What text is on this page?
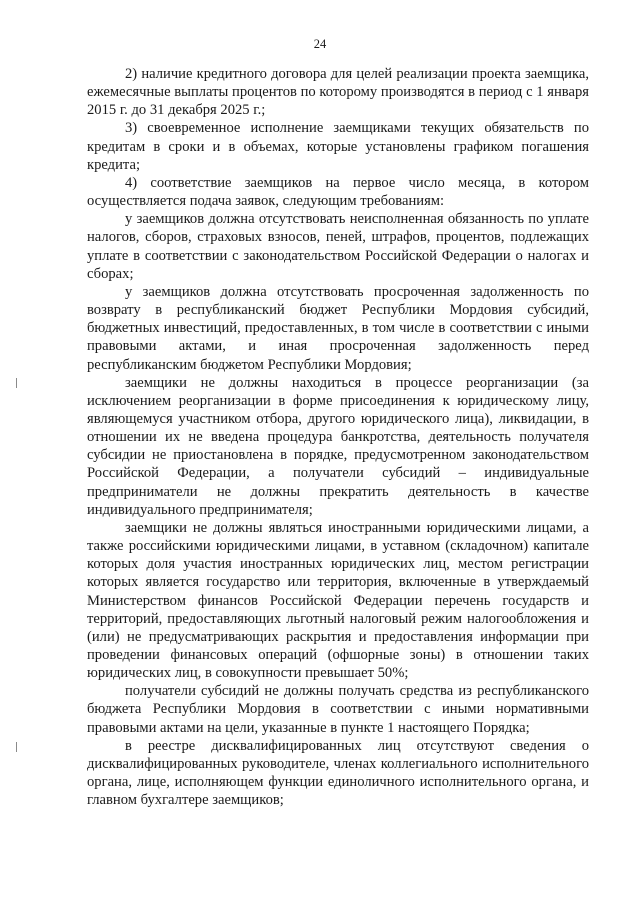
24

2) наличие кредитного договора для целей реализации проекта заемщика, ежемесячные выплаты процентов по которому производятся в период с 1 января 2015 г. до 31 декабря 2025 г.;

3) своевременное исполнение заемщиками текущих обязательств по кредитам в сроки и в объемах, которые установлены графиком погашения кредита;

4) соответствие заемщиков на первое число месяца, в котором осуществляется подача заявок, следующим требованиям:

у заемщиков должна отсутствовать неисполненная обязанность по уплате налогов, сборов, страховых взносов, пеней, штрафов, процентов, подлежащих уплате в соответствии с законодательством Российской Федерации о налогах и сборах;

у заемщиков должна отсутствовать просроченная задолженность по возврату в республиканский бюджет Республики Мордовия субсидий, бюджетных инвестиций, предоставленных, в том числе в соответствии с иными правовыми актами, и иная просроченная задолженность перед республиканским бюджетом Республики Мордовия;

заемщики не должны находиться в процессе реорганизации (за исключением реорганизации в форме присоединения к юридическому лицу, являющемуся участником отбора, другого юридического лица), ликвидации, в отношении их не введена процедура банкротства, деятельность получателя субсидии не приостановлена в порядке, предусмотренном законодательством Российской Федерации, а получатели субсидий – индивидуальные предприниматели не должны прекратить деятельность в качестве индивидуального предпринимателя;

заемщики не должны являться иностранными юридическими лицами, а также российскими юридическими лицами, в уставном (складочном) капитале которых доля участия иностранных юридических лиц, местом регистрации которых является государство или территория, включенные в утверждаемый Министерством финансов Российской Федерации перечень государств и территорий, предоставляющих льготный налоговый режим налогообложения и (или) не предусматривающих раскрытия и предоставления информации при проведении финансовых операций (офшорные зоны) в отношении таких юридических лиц, в совокупности превышает 50%;

получатели субсидий не должны получать средства из республиканского бюджета Республики Мордовия в соответствии с иными нормативными правовыми актами на цели, указанные в пункте 1 настоящего Порядка;

в реестре дисквалифицированных лиц отсутствуют сведения о дисквалифицированных руководителе, членах коллегиального исполнительного органа, лице, исполняющем функции единоличного исполнительного органа, и главном бухгалтере заемщиков;
